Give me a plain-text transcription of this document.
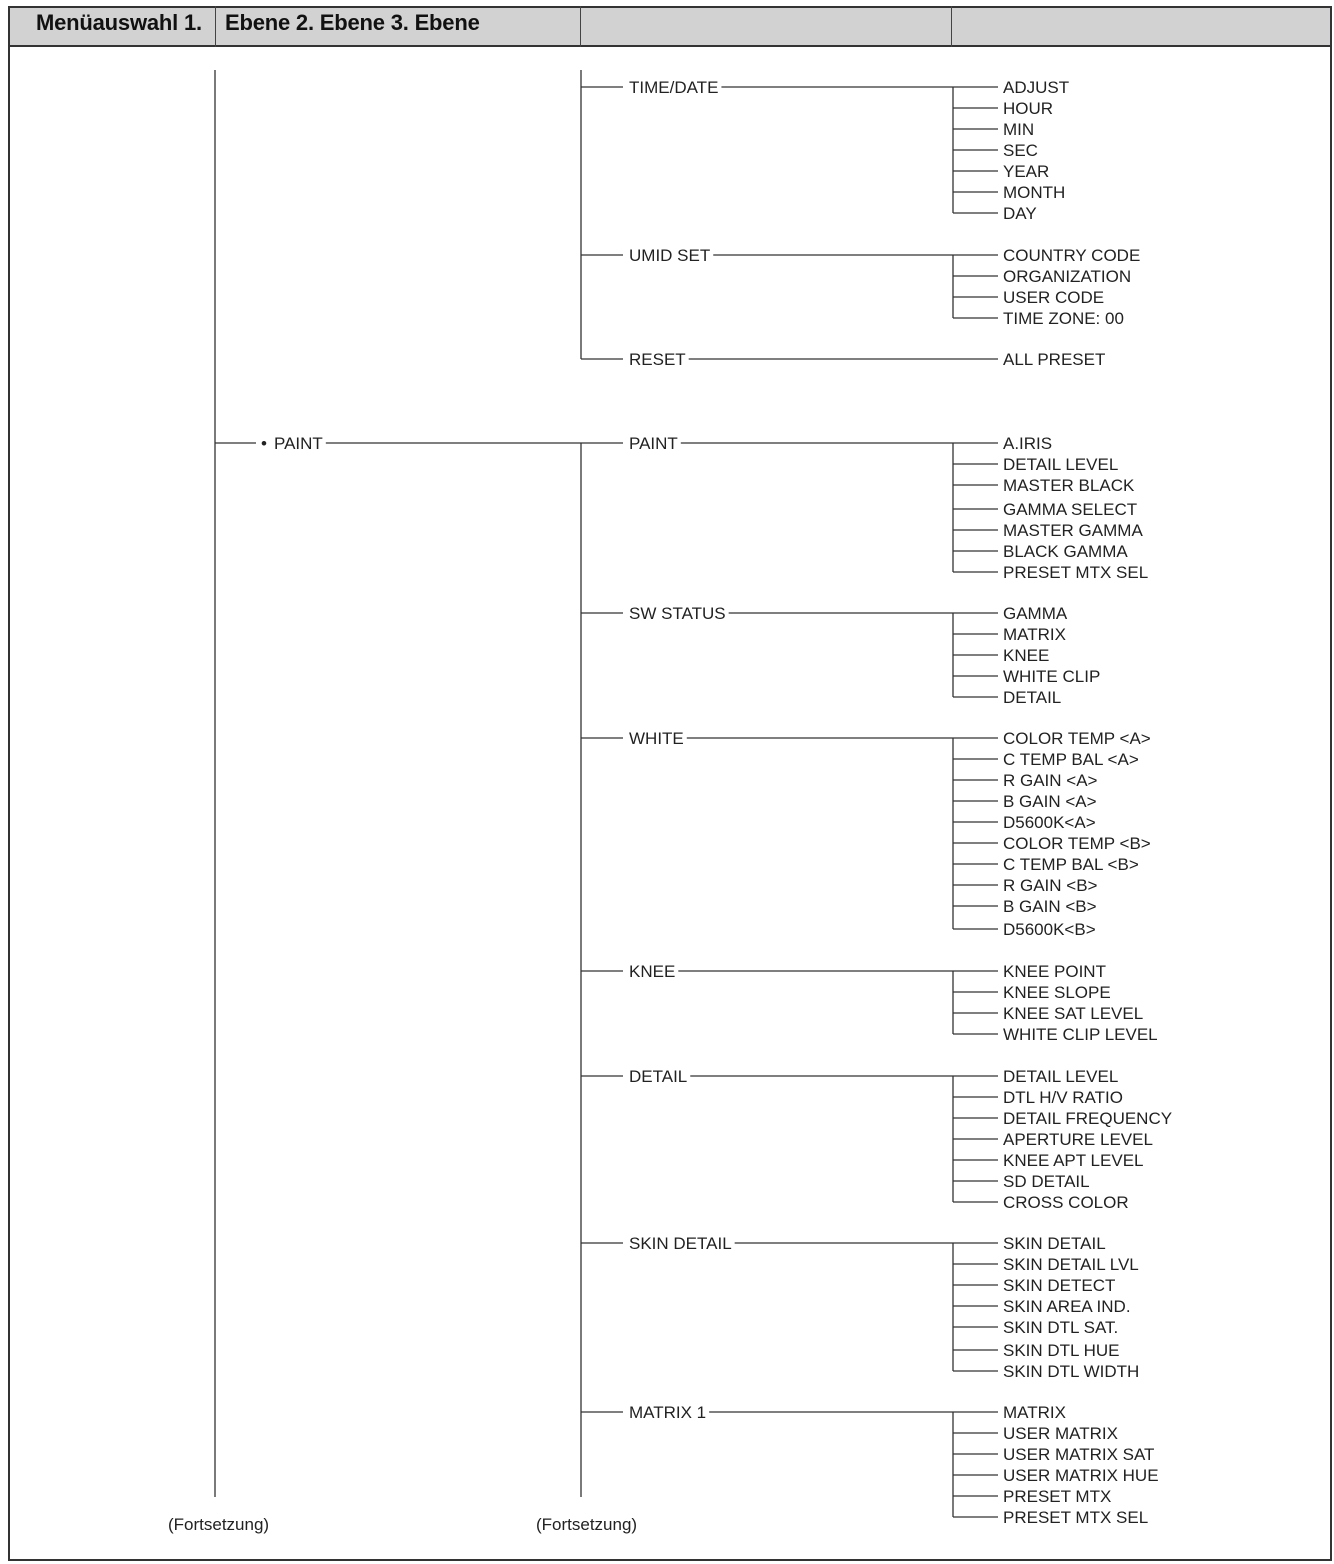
Menüauswahl 1. Ebene 2. Ebene 3. Ebene
• PAINT
TIME/DATE	ADJUST
HOUR
MIN
SEC
YEAR
MONTH
DAY
UMID SET	COUNTRY CODE
ORGANIZATION
USER CODE
TIME ZONE: 00
RESET	ALL PRESET
PAINT	A.IRIS
DETAIL LEVEL
MASTER BLACK
GAMMA SELECT
MASTER GAMMA
BLACK GAMMA
PRESET MTX SEL
SW STATUS	GAMMA
MATRIX
KNEE
WHITE CLIP
DETAIL
WHITE	COLOR TEMP <A>
C TEMP BAL <A>
R GAIN <A>
B GAIN <A>
D5600K<A>
COLOR TEMP <B>
C TEMP BAL <B>
R GAIN <B>
B GAIN <B>
D5600K<B>
KNEE	KNEE POINT
KNEE SLOPE
KNEE SAT LEVEL
WHITE CLIP LEVEL
DETAIL	DETAIL LEVEL
DTL H/V RATIO
DETAIL FREQUENCY
APERTURE LEVEL
KNEE APT LEVEL
SD DETAIL
CROSS COLOR
SKIN DETAIL	SKIN DETAIL
SKIN DETAIL LVL
SKIN DETECT
SKIN AREA IND.
SKIN DTL SAT.
SKIN DTL HUE
SKIN DTL WIDTH
MATRIX 1	MATRIX
USER MATRIX
USER MATRIX SAT
USER MATRIX HUE
PRESET MTX
PRESET MTX SEL
(Fortsetzung)	(Fortsetzung)
